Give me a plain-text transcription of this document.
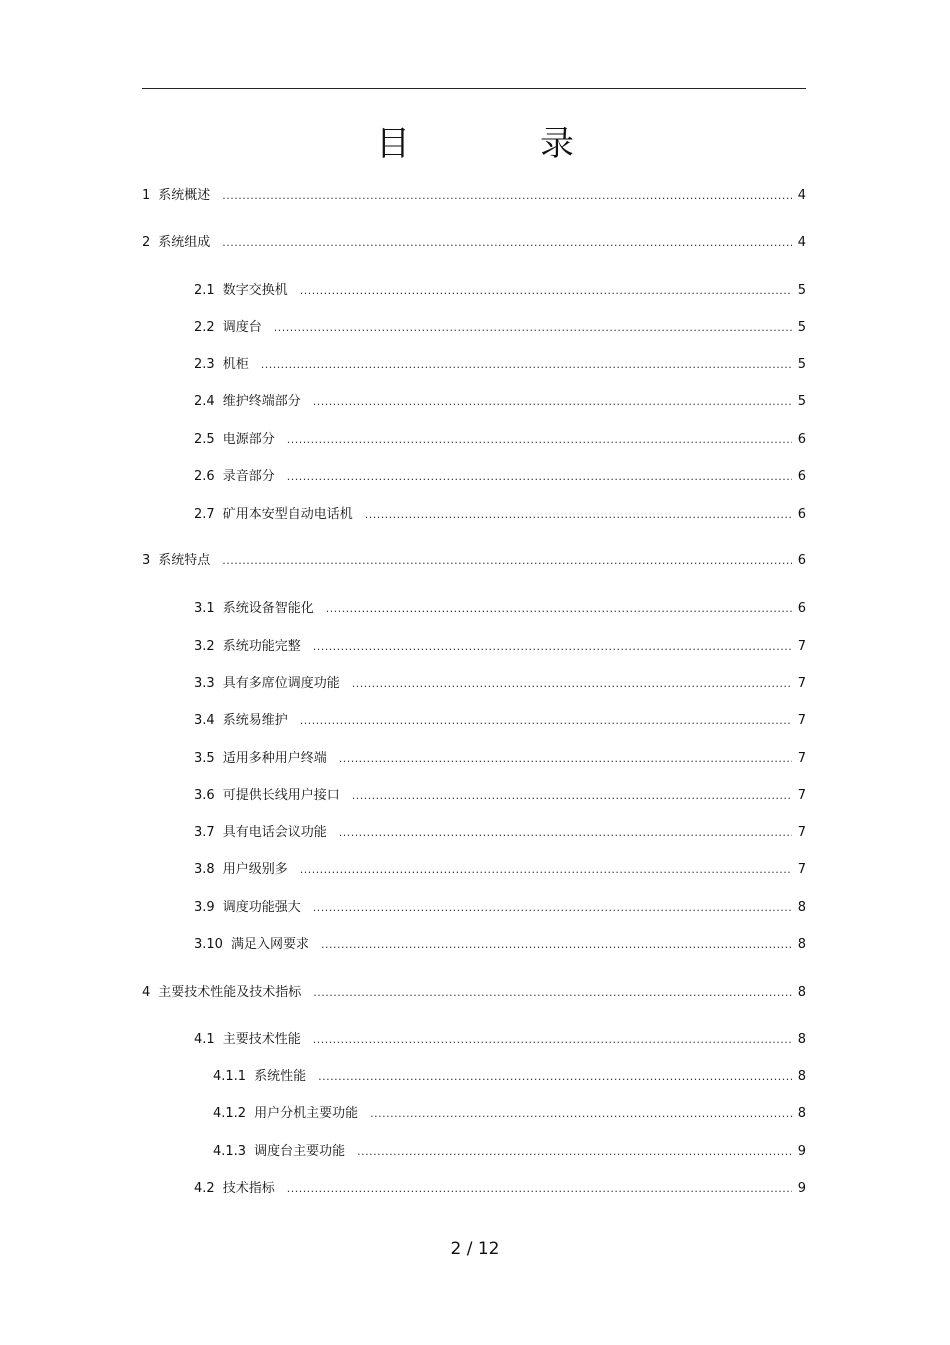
目　录
1 系统概述 .....	4
2 系统组成 .....	4
2.1 数字交换机 .....	5
2.2 调度台 .....	5
2.3 机柜 .....	5
2.4 维护终端部分 .....	5
2.5 电源部分 .....	6
2.6 录音部分 .....	6
2.7 矿用本安型自动电话机 .....	6
3 系统特点 .....	6
3.1 系统设备智能化 .....	6
3.2 系统功能完整 .....	7
3.3 具有多席位调度功能 .....	7
3.4 系统易维护 .....	7
3.5 适用多种用户终端 .....	7
3.6 可提供长线用户接口 .....	7
3.7 具有电话会议功能 .....	7
3.8 用户级别多 .....	7
3.9 调度功能强大 .....	8
3.10 满足入网要求 .....	8
4 主要技术性能及技术指标 .....	8
4.1 主要技术性能 .....	8
4.1.1 系统性能 .....	8
4.1.2 用户分机主要功能 .....	8
4.1.3 调度台主要功能 .....	9
4.2 技术指标 .....	9
2 / 12
